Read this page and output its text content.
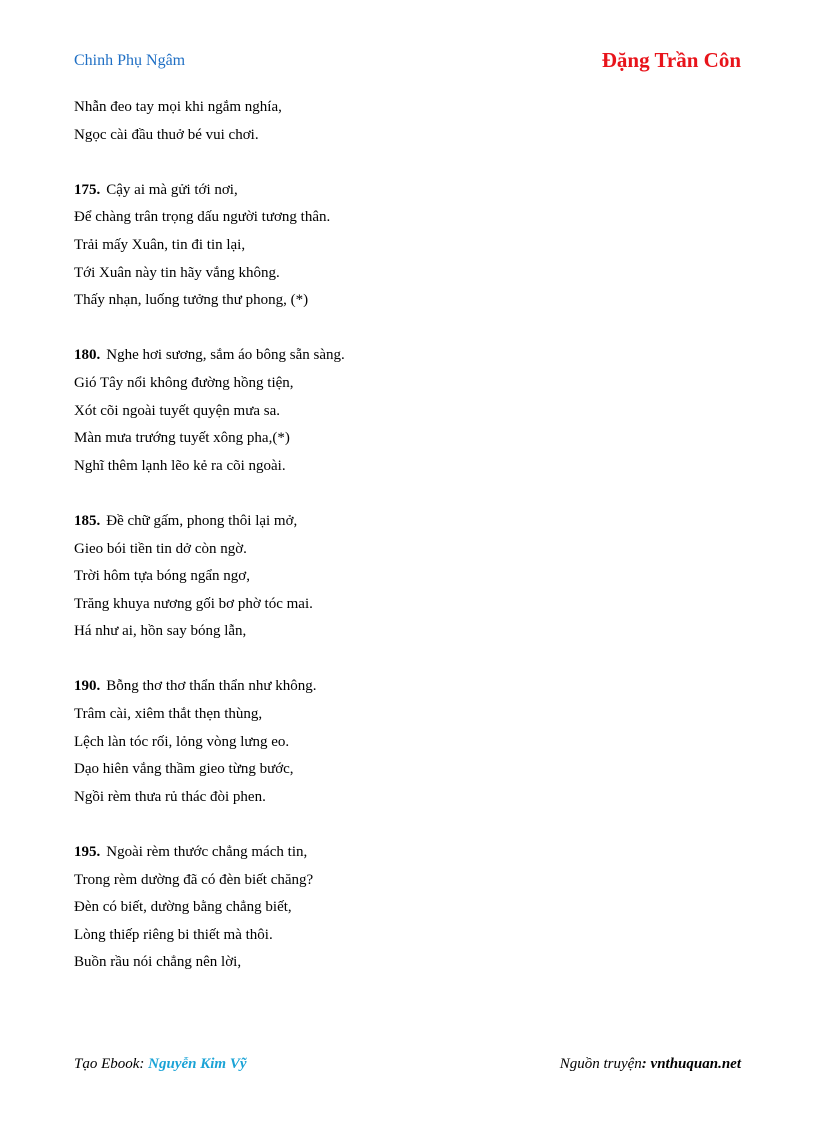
Chinh Phụ Ngâm	Đặng Trần Côn
Nhẫn đeo tay mọi khi ngắm nghía,
Ngọc cài đầu thuở bé vui chơi.
175. Cậy ai mà gửi tới nơi,
Để chàng trân trọng dấu người tương thân.
Trải mấy Xuân, tin đi tin lại,
Tới Xuân này tin hãy vắng không.
Thấy nhạn, luống tưởng thư phong, (*)
180. Nghe hơi sương, sắm áo bông sẵn sàng.
Gió Tây nổi không đường hồng tiện,
Xót cõi ngoài tuyết quyện mưa sa.
Màn mưa trướng tuyết xông pha,(*)
Nghĩ thêm lạnh lẽo kẻ ra cõi ngoài.
185. Đề chữ gấm, phong thôi lại mở,
Gieo bói tiền tin dở còn ngờ.
Trời hôm tựa bóng ngẩn ngơ,
Trăng khuya nương gối bơ phờ tóc mai.
Há như ai, hồn say bóng lẫn,
190. Bỗng thơ thơ thẩn thẩn như không.
Trâm cài, xiêm thắt thẹn thùng,
Lệch làn tóc rối, lỏng vòng lưng eo.
Dạo hiên vắng thầm gieo từng bước,
Ngồi rèm thưa rủ thác đòi phen.
195. Ngoài rèm thước chẳng mách tin,
Trong rèm dường đã có đèn biết chăng?
Đèn có biết, dường bằng chẳng biết,
Lòng thiếp riêng bi thiết mà thôi.
Buồn rầu nói chẳng nên lời,
Tạo Ebook: Nguyễn Kim Vỹ	Nguồn truyện: vnthuquan.net
